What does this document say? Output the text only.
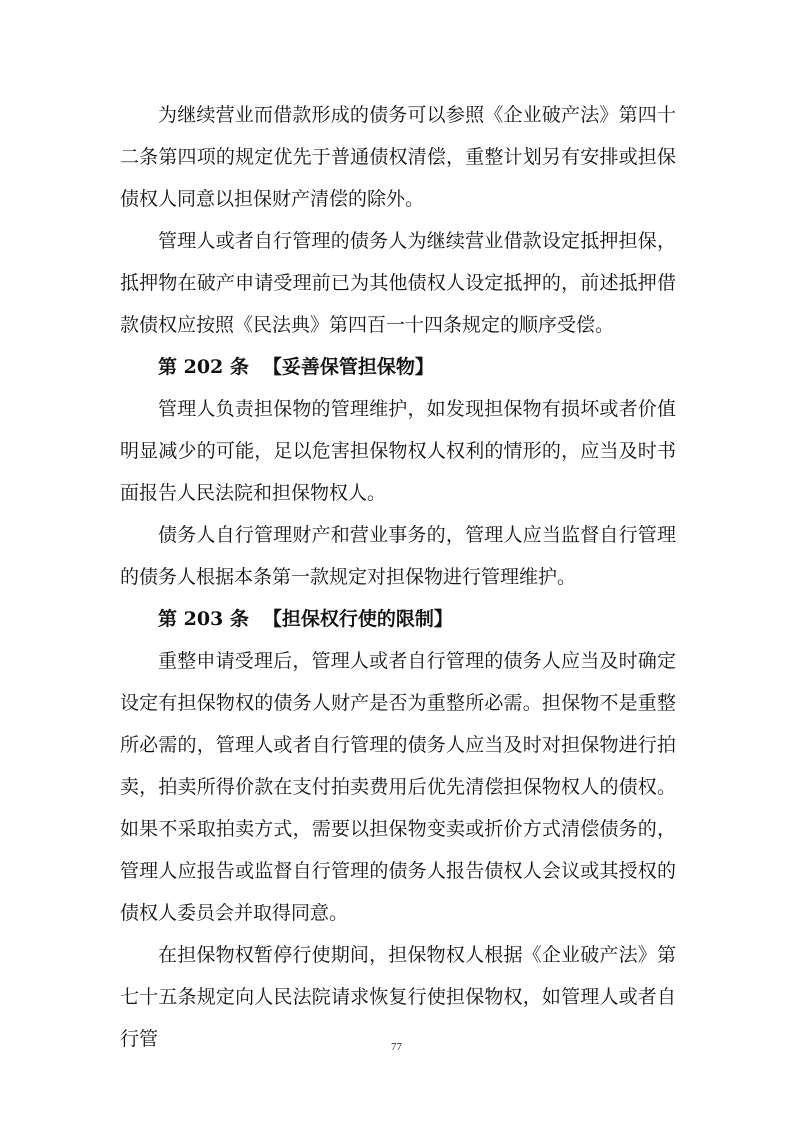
为继续营业而借款形成的债务可以参照《企业破产法》第四十二条第四项的规定优先于普通债权清偿，重整计划另有安排或担保债权人同意以担保财产清偿的除外。

管理人或者自行管理的债务人为继续营业借款设定抵押担保，抵押物在破产申请受理前已为其他债权人设定抵押的，前述抵押借款债权应按照《民法典》第四百一十四条规定的顺序受偿。

第 202 条 【妥善保管担保物】

管理人负责担保物的管理维护，如发现担保物有损坏或者价值明显减少的可能，足以危害担保物权人权利的情形的，应当及时书面报告人民法院和担保物权人。

债务人自行管理财产和营业事务的，管理人应当监督自行管理的债务人根据本条第一款规定对担保物进行管理维护。

第 203 条 【担保权行使的限制】

重整申请受理后，管理人或者自行管理的债务人应当及时确定设定有担保物权的债务人财产是否为重整所必需。担保物不是重整所必需的，管理人或者自行管理的债务人应当及时对担保物进行拍卖，拍卖所得价款在支付拍卖费用后优先清偿担保物权人的债权。如果不采取拍卖方式，需要以担保物变卖或折价方式清偿债务的，管理人应报告或监督自行管理的债务人报告债权人会议或其授权的债权人委员会并取得同意。

在担保物权暂停行使期间，担保物权人根据《企业破产法》第七十五条规定向人民法院请求恢复行使担保物权，如管理人或者自行管	77
